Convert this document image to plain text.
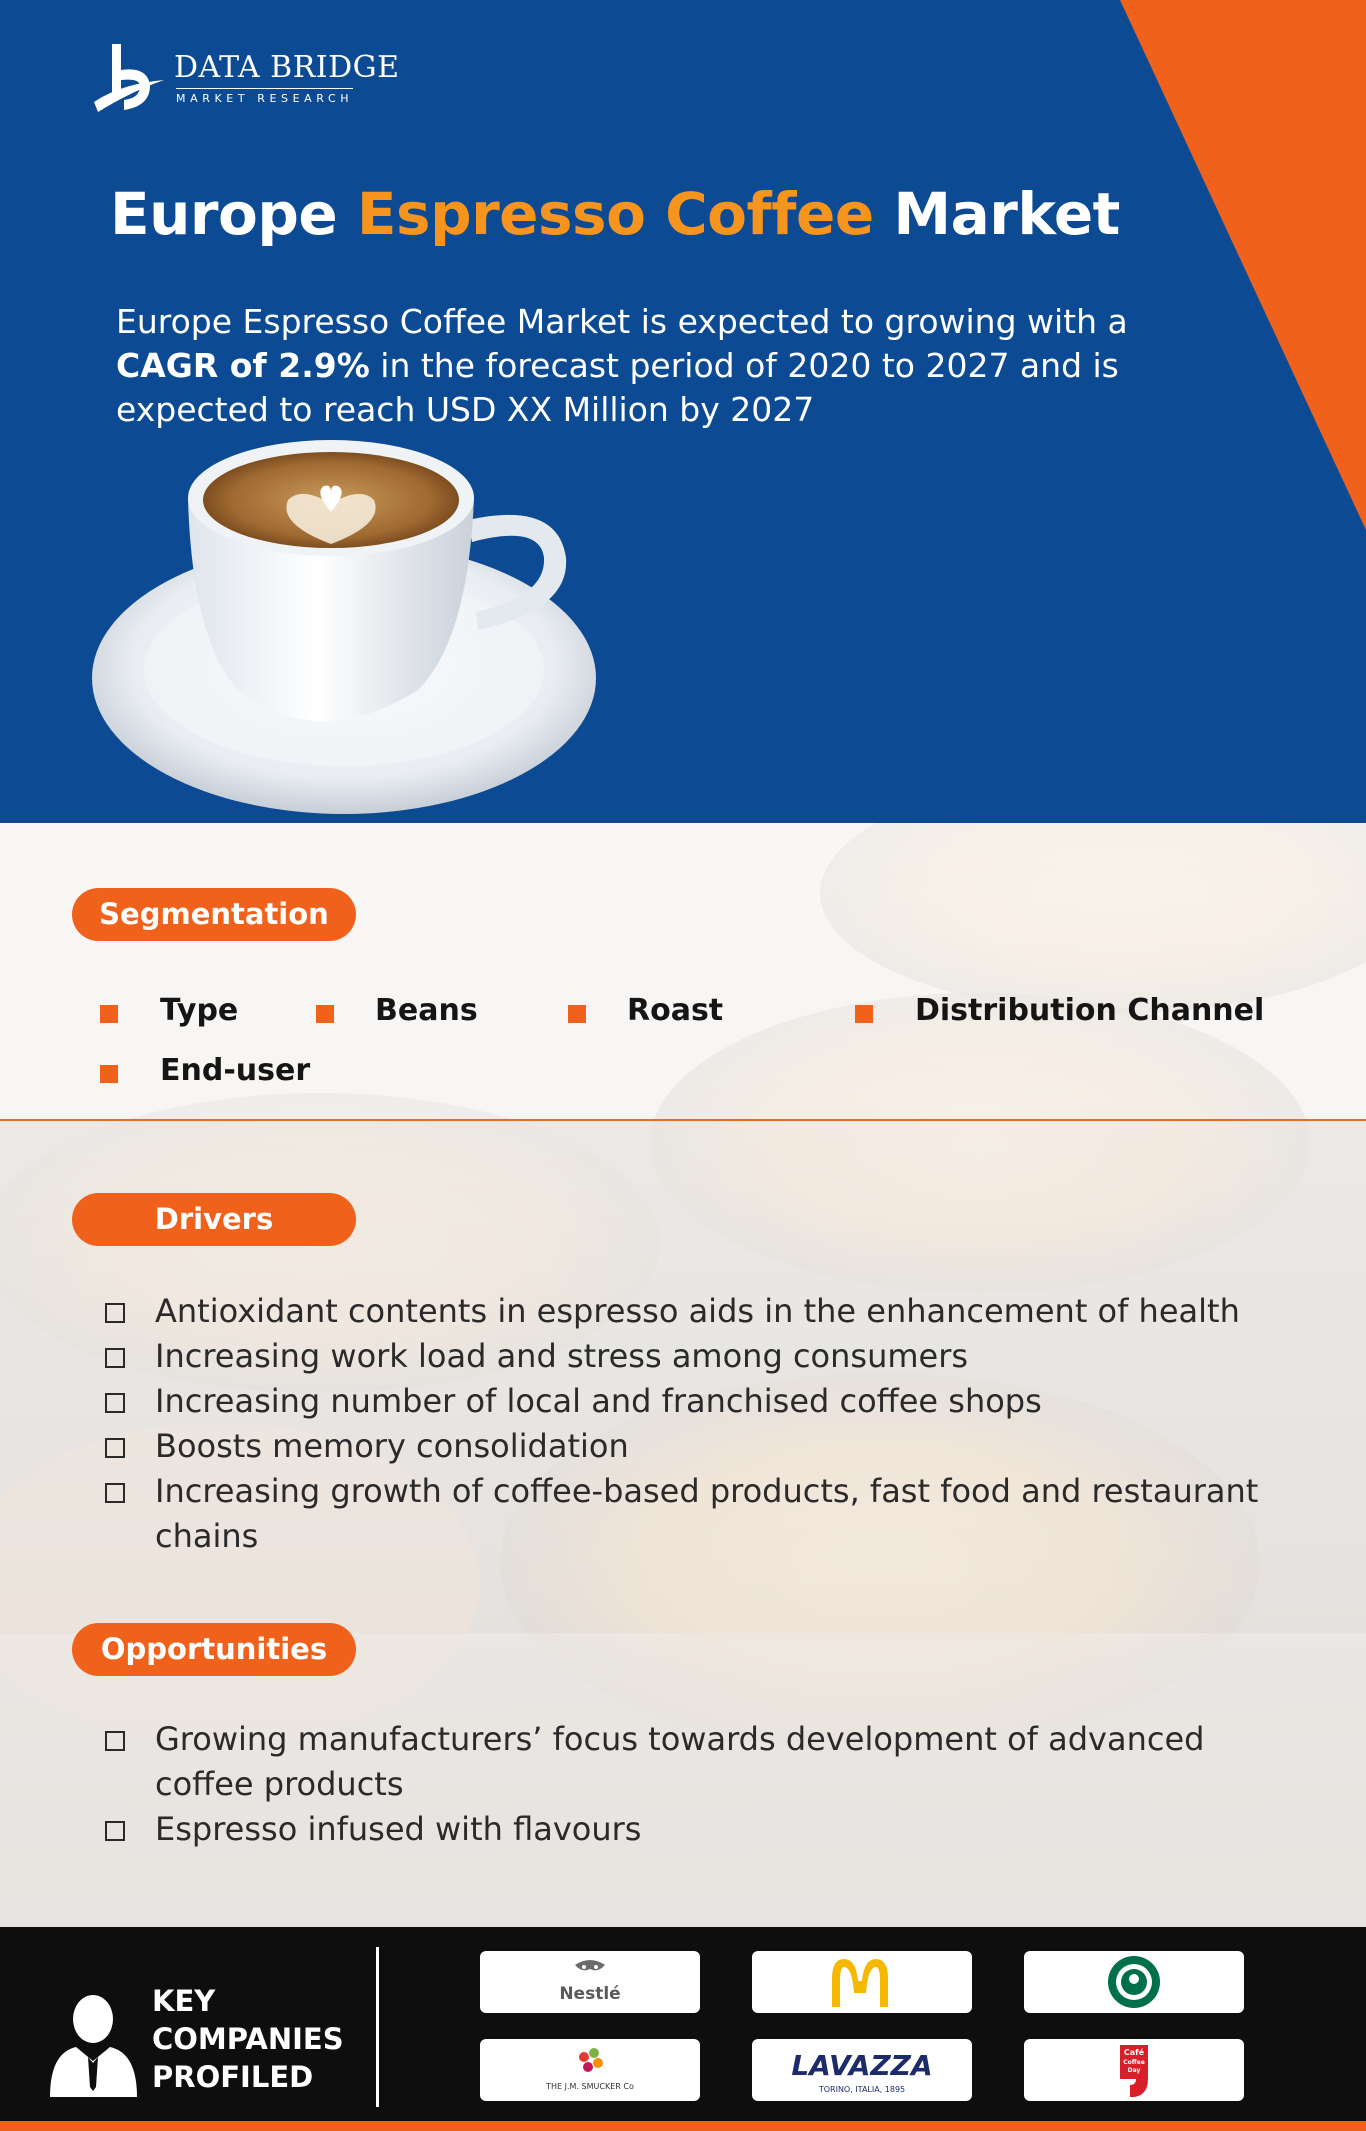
DATA BRIDGE
MARKET RESEARCH
Europe Espresso Coffee Market

Europe Espresso Coffee Market is expected to growing with a CAGR of 2.9% in the forecast period of 2020 to 2027 and is expected to reach USD XX Million by 2027

Segmentation
Type	Beans	Roast	Distribution Channel
End-user
Drivers
Antioxidant contents in espresso aids in the enhancement of health
Increasing work load and stress among consumers
Increasing number of local and franchised coffee shops
Boosts memory consolidation
Increasing growth of coffee-based products, fast food and restaurant chains
Opportunities
Growing manufacturers’ focus towards development of advanced coffee products
Espresso infused with flavours
KEY
COMPANIES
PROFILED
Nestlé
THE J.M. SMUCKER Co
LAVAZZA
TORINO, ITALIA, 1895
Café
Coffee
Day
